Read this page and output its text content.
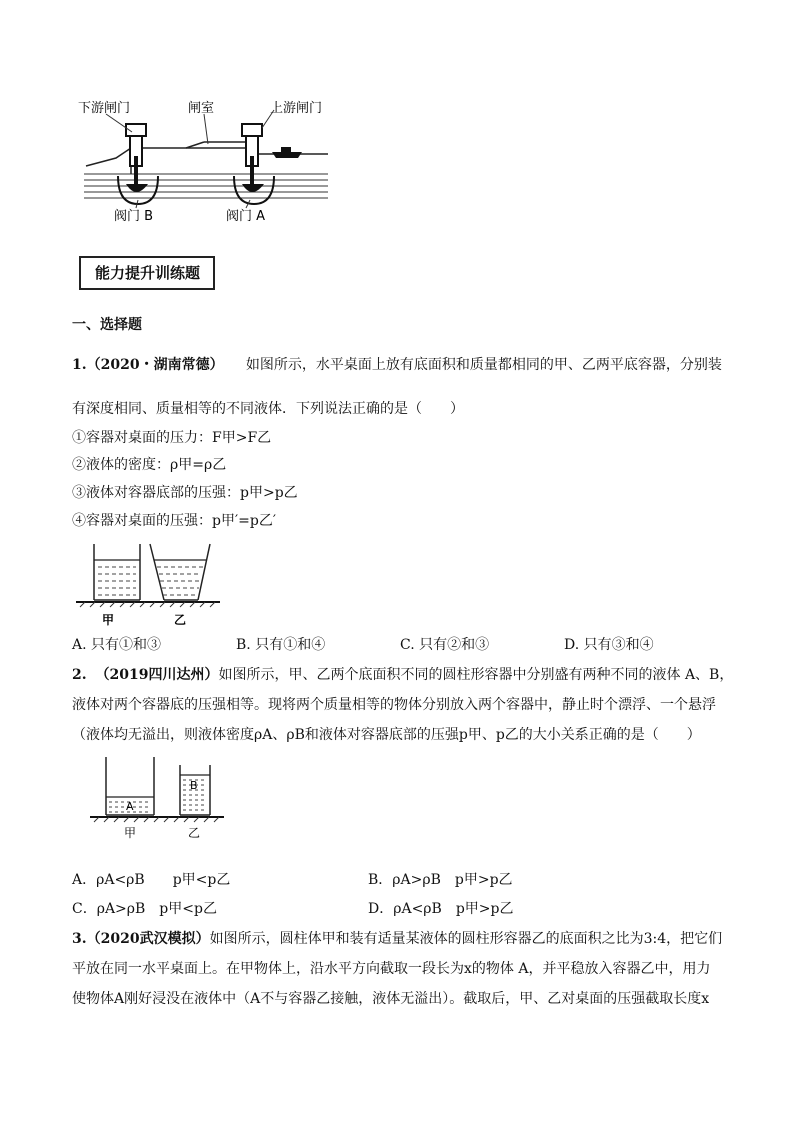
下游闸门	闸室	上游闸门
阀门 B	阀门 A
能力提升训练题
一、选择题
1.（2020・湖南常德） 如图所示，水平桌面上放有底面积和质量都相同的甲、乙两平底容器，分别装
有深度相同、质量相等的不同液体．下列说法正确的是（　　）
①容器对桌面的压力：F甲>F乙
②液体的密度：ρ甲=ρ乙
③液体对容器底部的压强：p甲>p乙
④容器对桌面的压强：p甲′=p乙′
甲	乙
A. 只有①和③	B. 只有①和④	C. 只有②和③	D. 只有③和④
2. （2019四川达州）如图所示，甲、乙两个底面积不同的圆柱形容器中分别盛有两种不同的液体 A、B，
液体对两个容器底的压强相等。现将两个质量相等的物体分别放入两个容器中，静止时个漂浮、一个悬浮
（液体均无溢出，则液体密度ρA、ρB和液体对容器底部的压强p甲、p乙的大小关系正确的是（　　）
A
B
甲	乙
A．ρA<ρB　　p甲<p乙	B．ρA>ρB　p甲>p乙
C．ρA>ρB　p甲<p乙	D．ρA<ρB　p甲>p乙
3.（2020武汉模拟）如图所示，圆柱体甲和装有适量某液体的圆柱形容器乙的底面积之比为3:4，把它们
平放在同一水平桌面上。在甲物体上，沿水平方向截取一段长为x的物体 A，并平稳放入容器乙中，用力
使物体A刚好浸没在液体中（A不与容器乙接触，液体无溢出）。截取后，甲、乙对桌面的压强截取长度x
